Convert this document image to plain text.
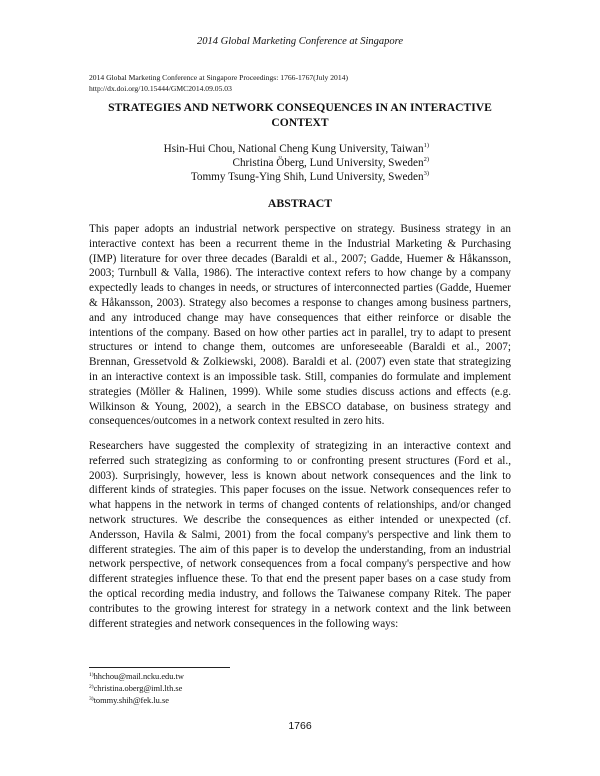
2014 Global Marketing Conference at Singapore
2014 Global Marketing Conference at Singapore Proceedings: 1766-1767(July 2014)
http://dx.doi.org/10.15444/GMC2014.09.05.03
STRATEGIES AND NETWORK CONSEQUENCES IN AN INTERACTIVE
CONTEXT
Hsin-Hui Chou, National Cheng Kung University, Taiwan$^{1)}$
Christina Öberg, Lund University, Sweden$^{2)}$
Tommy Tsung-Ying Shih, Lund University, Sweden$^{3)}$
ABSTRACT

This paper adopts an industrial network perspective on strategy. Business strategy in an interactive context has been a recurrent theme in the Industrial Marketing & Purchasing (IMP) literature for over three decades (Baraldi et al., 2007; Gadde, Huemer & Håkansson, 2003; Turnbull & Valla, 1986). The interactive context refers to how change by a company expectedly leads to changes in needs, or structures of interconnected parties (Gadde, Huemer & Håkansson, 2003). Strategy also becomes a response to changes among business partners, and any introduced change may have consequences that either reinforce or disable the intentions of the company. Based on how other parties act in parallel, try to adapt to present structures or intend to change them, outcomes are unforeseeable (Baraldi et al., 2007; Brennan, Gressetvold & Zolkiewski, 2008). Baraldi et al. (2007) even state that strategizing in an interactive context is an impossible task. Still, companies do formulate and implement strategies (Möller & Halinen, 1999). While some studies discuss actions and effects (e.g. Wilkinson & Young, 2002), a search in the EBSCO database, on business strategy and consequences/outcomes in a network context resulted in zero hits.

Researchers have suggested the complexity of strategizing in an interactive context and referred such strategizing as conforming to or confronting present structures (Ford et al., 2003). Surprisingly, however, less is known about network consequences and the link to different kinds of strategies. This paper focuses on the issue. Network consequences refer to what happens in the network in terms of changed contents of relationships, and/or changed network structures. We describe the consequences as either intended or unexpected (cf. Andersson, Havila & Salmi, 2001) from the focal company's perspective and link them to different strategies. The aim of this paper is to develop the understanding, from an industrial network perspective, of network consequences from a focal company's perspective and how different strategies influence these. To that end the present paper bases on a case study from the optical recording media industry, and follows the Taiwanese company Ritek. The paper contributes to the growing interest for strategy in a network context and the link between different strategies and network consequences in the following ways:

$^{1)}$hhchou@mail.ncku.edu.tw
$^{2)}$christina.oberg@iml.lth.se
$^{3)}$tommy.shih@fek.lu.se
1766
